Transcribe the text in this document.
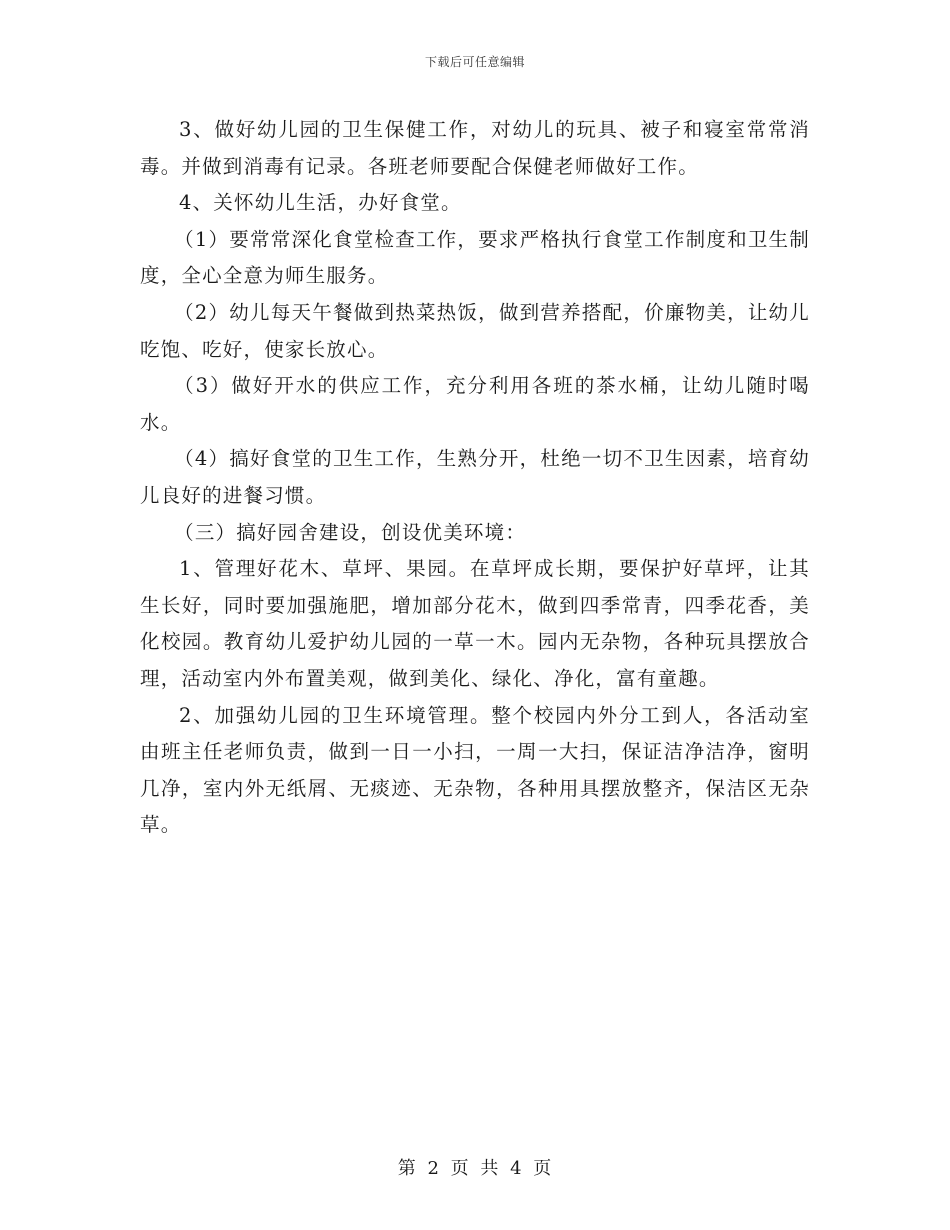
下载后可任意编辑

3、做好幼儿园的卫生保健工作，对幼儿的玩具、被子和寝室常常消毒。并做到消毒有记录。各班老师要配合保健老师做好工作。

4、关怀幼儿生活，办好食堂。

（1）要常常深化食堂检查工作，要求严格执行食堂工作制度和卫生制度，全心全意为师生服务。

（2）幼儿每天午餐做到热菜热饭，做到营养搭配，价廉物美，让幼儿吃饱、吃好，使家长放心。

（3）做好开水的供应工作，充分利用各班的茶水桶，让幼儿随时喝水。

（4）搞好食堂的卫生工作，生熟分开，杜绝一切不卫生因素，培育幼儿良好的进餐习惯。

（三）搞好园舍建设，创设优美环境：

1、管理好花木、草坪、果园。在草坪成长期，要保护好草坪，让其生长好，同时要加强施肥，增加部分花木，做到四季常青，四季花香，美化校园。教育幼儿爱护幼儿园的一草一木。园内无杂物，各种玩具摆放合理，活动室内外布置美观，做到美化、绿化、净化，富有童趣。

2、加强幼儿园的卫生环境管理。整个校园内外分工到人，各活动室由班主任老师负责，做到一日一小扫，一周一大扫，保证洁净洁净，窗明几净，室内外无纸屑、无痰迹、无杂物，各种用具摆放整齐，保洁区无杂草。

第 2 页 共 4 页
